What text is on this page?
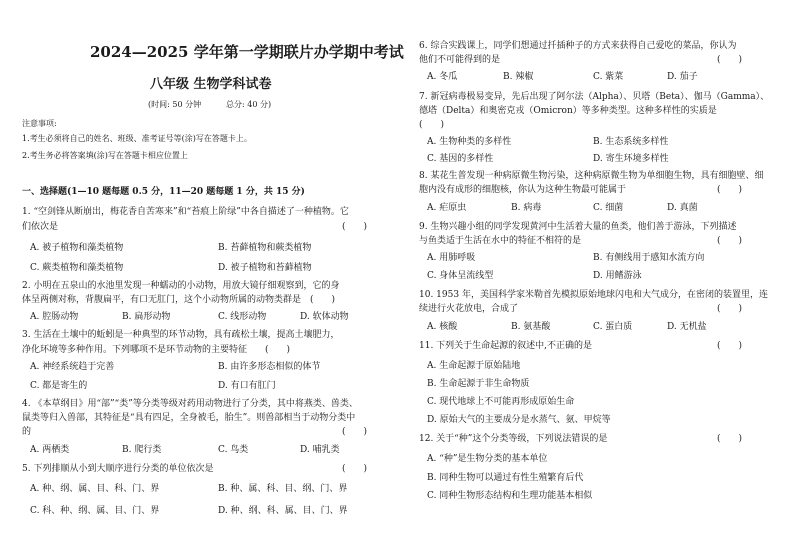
2024—2025 学年第一学期联片办学期中考试
八年级 生物学科试卷
(时间: 50 分钟	总分: 40 分)
注意事项:
1.考生必须将自己的姓名、班级、准考证号等(涂)写在答题卡上。
2.考生务必将答案填(涂)写在答题卡相应位置上
一、选择题(1—10 题每题 0.5 分，11—20 题每题 1 分，共 15 分)
1. “空剑锋从断崩出，梅花香自苦寒来”和“苔痕上阶绿”中各自描述了一种植物。它
们依次是	(　　)
A. 被子植物和藻类植物	B. 苔藓植物和蕨类植物
C. 蕨类植物和藻类植物	D. 被子植物和苔藓植物
2. 小明在五泉山的水池里发现一种蠕动的小动物，用放大镜仔细观察到，它的身
体呈两侧对称，背腹扁平，有口无肛门，这个小动物所属的动物类群是　(　　)
A. 腔肠动物	B. 扁形动物	C. 线形动物	D. 软体动物
3. 生活在土壤中的蚯蚓是一种典型的环节动物，具有疏松土壤，提高土壤肥力，
净化环境等多种作用。下列哪项不是环节动物的主要特征　　(　　)
A. 神经系统趋于完善	B. 由许多形态相似的体节
C. 都是寄生的	D. 有口有肛门
4. 《本草纲目》用“部”“类”等分类等级对药用动物进行了分类，其中将燕类、兽类、
鼠类等归入兽部，其特征是“具有四足，全身被毛，胎生”。则兽部相当于动物分类中
的	(　　)
A. 两栖类	B. 爬行类	C. 鸟类	D. 哺乳类
5. 下列排顺从小到大顺序进行分类的单位依次是	(　　)
A. 种、纲、属、目、科、门、界	B. 种、属、科、目、纲、门、界
C. 科、种、纲、属、目、门、界	D. 种、纲、科、属、目、门、界
6. 综合实践课上，同学们想通过扦插种子的方式来获得自己爱吃的菜品，你认为
他们不可能得到的是	(　　)
A. 冬瓜	B. 辣椒	C. 紫菜	D. 茄子
7. 新冠病毒极易变异，先后出现了阿尔法（Alpha）、贝塔（Beta）、伽马（Gamma）、
德塔（Delta）和奥密克戎（Omicron）等多种类型。这种多样性的实质是
(　　)
A. 生物种类的多样性	B. 生态系统多样性
C. 基因的多样性	D. 寄生环境多样性
8. 某花生普发现一种病原微生物污染，这种病原微生物为单细胞生物，具有细胞壁、细
胞内没有成形的细胞核，你认为这种生物最可能属于	(　　)
A. 疟原虫	B. 病毒	C. 细菌	D. 真菌
9. 生物兴趣小组的同学发现黄河中生活着大量的鱼类，他们善于游泳，下列描述
与鱼类适于生活在水中的特征不相符的是	(　　)
A. 用肺呼吸	B. 有侧线用于感知水流方向
C. 身体呈流线型	D. 用鳍游泳
10. 1953 年，美国科学家米勒首先模拟原始地球闪电和大气成分，在密闭的装置里，连
续进行火花放电，合成了	(　　)
A. 核酸	B. 氨基酸	C. 蛋白质	D. 无机盐
11. 下列关于生命起源的叙述中,不正确的是	(　　)
A. 生命起源于原始陆地
B. 生命起源于非生命物质
C. 现代地球上不可能再形成原始生命
D. 原始大气的主要成分是水蒸气、氨、甲烷等
12. 关于“种”这个分类等级，下列说法错误的是	(　　)
A. “种”是生物分类的基本单位
B. 同种生物可以通过有性生殖繁育后代
C. 同种生物形态结构和生理功能基本相似
